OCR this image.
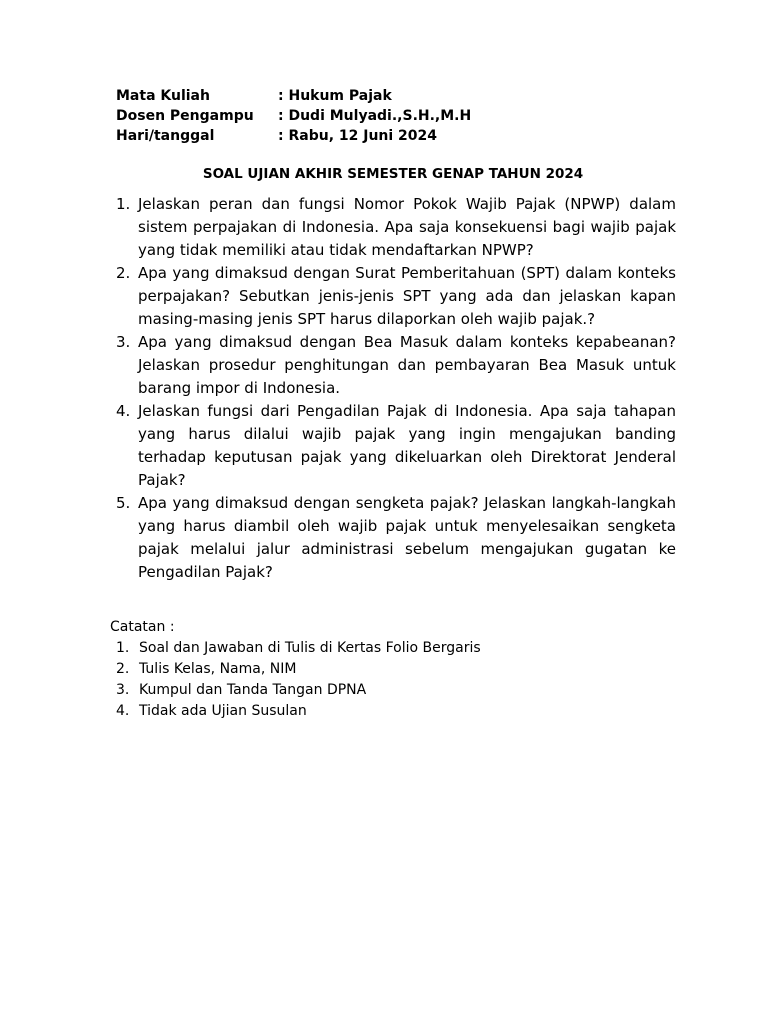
Mata Kuliah	: Hukum Pajak
Dosen Pengampu	: Dudi Mulyadi.,S.H.,M.H
Hari/tanggal	: Rabu, 12 Juni 2024
SOAL UJIAN AKHIR SEMESTER GENAP TAHUN 2024
1. Jelaskan peran dan fungsi Nomor Pokok Wajib Pajak (NPWP) dalam sistem perpajakan di Indonesia. Apa saja konsekuensi bagi wajib pajak yang tidak memiliki atau tidak mendaftarkan NPWP?
2. Apa yang dimaksud dengan Surat Pemberitahuan (SPT) dalam konteks perpajakan? Sebutkan jenis-jenis SPT yang ada dan jelaskan kapan masing-masing jenis SPT harus dilaporkan oleh wajib pajak.?
3. Apa yang dimaksud dengan Bea Masuk dalam konteks kepabeanan? Jelaskan prosedur penghitungan dan pembayaran Bea Masuk untuk barang impor di Indonesia.
4. Jelaskan fungsi dari Pengadilan Pajak di Indonesia. Apa saja tahapan yang harus dilalui wajib pajak yang ingin mengajukan banding terhadap keputusan pajak yang dikeluarkan oleh Direktorat Jenderal Pajak?
5. Apa yang dimaksud dengan sengketa pajak? Jelaskan langkah-langkah yang harus diambil oleh wajib pajak untuk menyelesaikan sengketa pajak melalui jalur administrasi sebelum mengajukan gugatan ke Pengadilan Pajak?
Catatan :
1. Soal dan Jawaban di Tulis di Kertas Folio Bergaris
2. Tulis Kelas, Nama, NIM
3. Kumpul dan Tanda Tangan DPNA
4. Tidak ada Ujian Susulan
